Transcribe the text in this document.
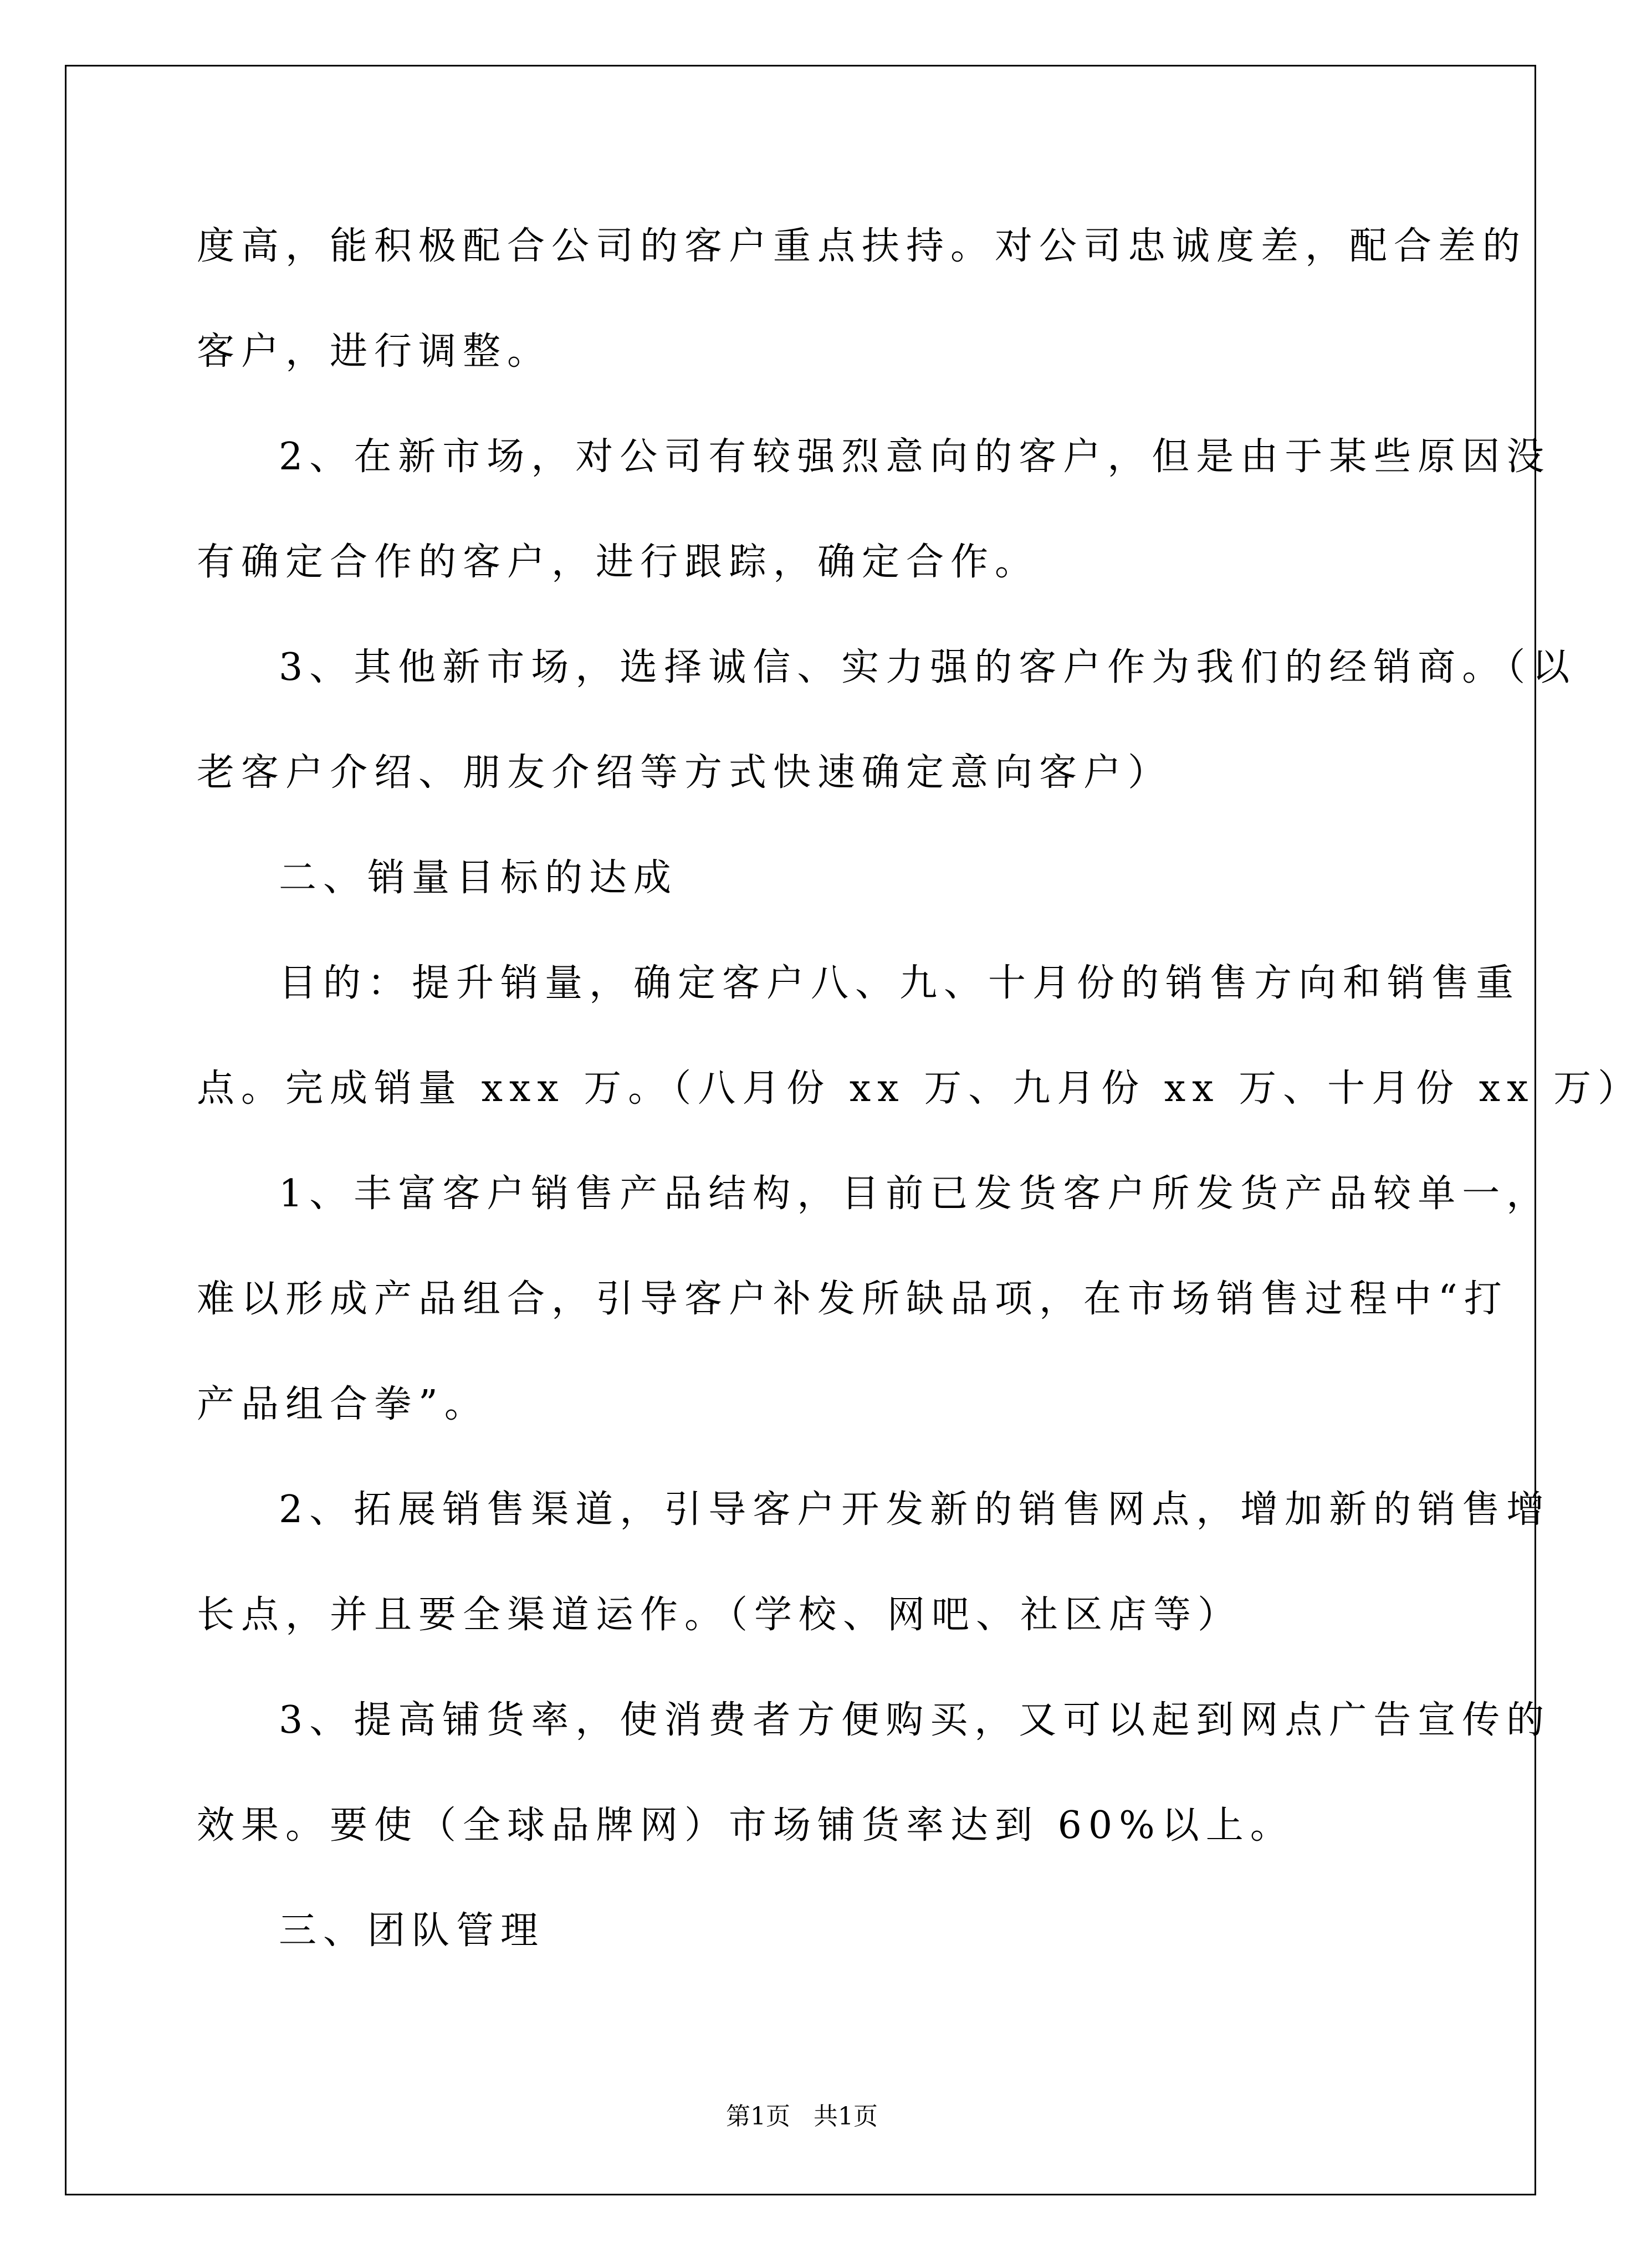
度高，能积极配合公司的客户重点扶持。对公司忠诚度差，配合差的
客户，进行调整。
2、在新市场，对公司有较强烈意向的客户，但是由于某些原因没
有确定合作的客户，进行跟踪，确定合作。
3、其他新市场，选择诚信、实力强的客户作为我们的经销商。（以
老客户介绍、朋友介绍等方式快速确定意向客户）
二、销量目标的达成
目的：提升销量，确定客户八、九、十月份的销售方向和销售重
点。完成销量 xxx 万。（八月份 xx 万、九月份 xx 万、十月份 xx 万）
1、丰富客户销售产品结构，目前已发货客户所发货产品较单一，
难以形成产品组合，引导客户补发所缺品项，在市场销售过程中“打
产品组合拳”。
2、拓展销售渠道，引导客户开发新的销售网点，增加新的销售增
长点，并且要全渠道运作。（学校、网吧、社区店等）
3、提高铺货率，使消费者方便购买，又可以起到网点广告宣传的
效果。要使（全球品牌网）市场铺货率达到 60%以上。
三、团队管理
第1页   共1页
